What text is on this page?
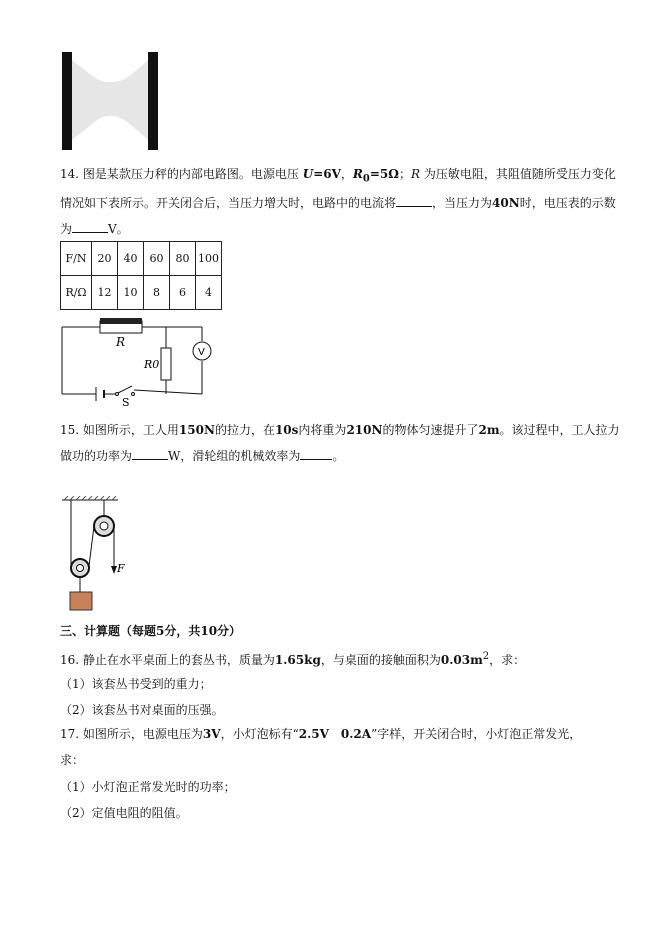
14. 图是某款压力秤的内部电路图。电源电压 U=6V，$R_0=5\Omega$；R 为压敏电阻，其阻值随所受压力变化
情况如下表所示。开关闭合后，当压力增大时，电路中的电流将	，当压力为40N时，电压表的示数
为	V。
F/N	20	40	60	80	100
R/Ω	12	10	8	6	4
R
R0
V
S
15. 如图所示，工人用150N的拉力，在10s内将重为210N的物体匀速提升了2m。该过程中，工人拉力
做功的功率为	W，滑轮组的机械效率为	。
F
三、计算题（每题5分，共10分）
16. 静止在水平桌面上的套丛书，质量为1.65kg，与桌面的接触面积为$0.03m^2$，求：
（1）该套丛书受到的重力；
（2）该套丛书对桌面的压强。
17. 如图所示，电源电压为3V，小灯泡标有“2.5V　0.2A”字样，开关闭合时，小灯泡正常发光，
求：
（1）小灯泡正常发光时的功率；
（2）定值电阻的阻值。
